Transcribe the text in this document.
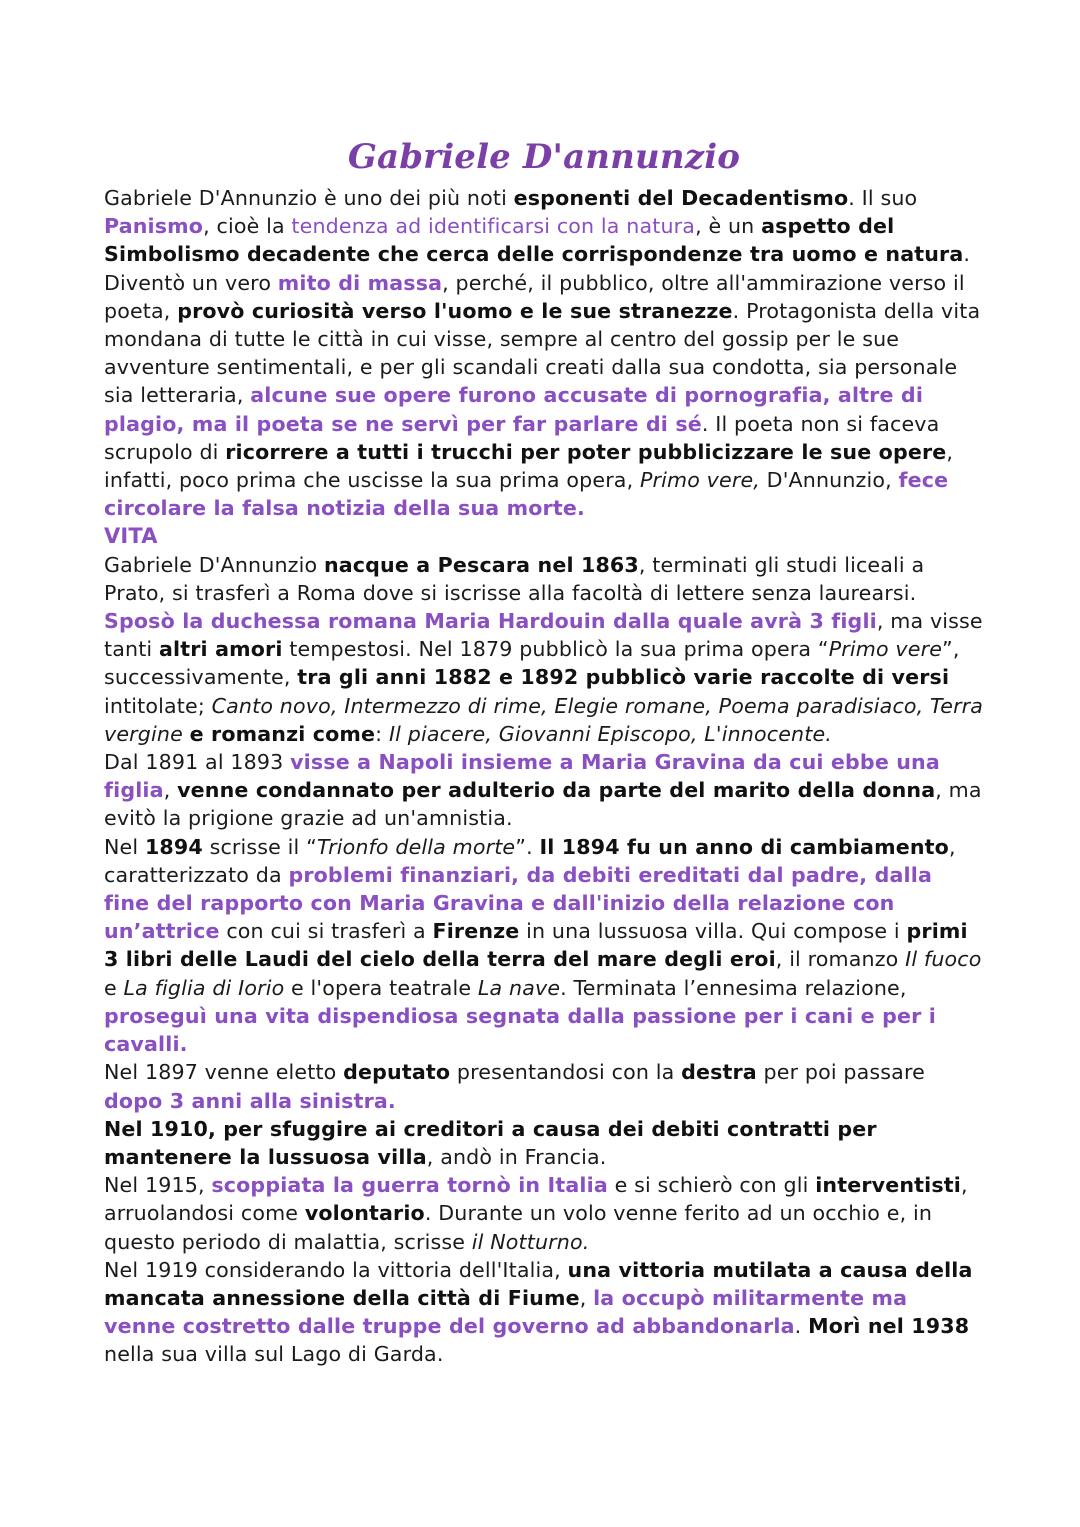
Gabriele D'annunzio

Gabriele D'Annunzio è uno dei più noti esponenti del Decadentismo. Il suo Panismo, cioè la tendenza ad identificarsi con la natura, è un aspetto del Simbolismo decadente che cerca delle corrispondenze tra uomo e natura. Diventò un vero mito di massa, perché, il pubblico, oltre all'ammirazione verso il poeta, provò curiosità verso l'uomo e le sue stranezze. Protagonista della vita mondana di tutte le città in cui visse, sempre al centro del gossip per le sue avventure sentimentali, e per gli scandali creati dalla sua condotta, sia personale sia letteraria, alcune sue opere furono accusate di pornografia, altre di plagio, ma il poeta se ne servì per far parlare di sé. Il poeta non si faceva scrupolo di ricorrere a tutti i trucchi per poter pubblicizzare le sue opere, infatti, poco prima che uscisse la sua prima opera, Primo vere, D'Annunzio, fece circolare la falsa notizia della sua morte.

VITA

Gabriele D'Annunzio nacque a Pescara nel 1863, terminati gli studi liceali a Prato, si trasferì a Roma dove si iscrisse alla facoltà di lettere senza laurearsi. Sposò la duchessa romana Maria Hardouin dalla quale avrà 3 figli, ma visse tanti altri amori tempestosi. Nel 1879 pubblicò la sua prima opera “Primo vere”, successivamente, tra gli anni 1882 e 1892 pubblicò varie raccolte di versi intitolate; Canto novo, Intermezzo di rime, Elegie romane, Poema paradisiaco, Terra vergine e romanzi come: Il piacere, Giovanni Episcopo, L'innocente.

Dal 1891 al 1893 visse a Napoli insieme a Maria Gravina da cui ebbe una figlia, venne condannato per adulterio da parte del marito della donna, ma evitò la prigione grazie ad un'amnistia.

Nel 1894 scrisse il “Trionfo della morte”. Il 1894 fu un anno di cambiamento, caratterizzato da problemi finanziari, da debiti ereditati dal padre, dalla fine del rapporto con Maria Gravina e dall'inizio della relazione con un’attrice con cui si trasferì a Firenze in una lussuosa villa. Qui compose i primi 3 libri delle Laudi del cielo della terra del mare degli eroi, il romanzo Il fuoco e La figlia di Iorio e l'opera teatrale La nave. Terminata l’ennesima relazione, proseguì una vita dispendiosa segnata dalla passione per i cani e per i cavalli.

Nel 1897 venne eletto deputato presentandosi con la destra per poi passare dopo 3 anni alla sinistra.

Nel 1910, per sfuggire ai creditori a causa dei debiti contratti per mantenere la lussuosa villa, andò in Francia.

Nel 1915, scoppiata la guerra tornò in Italia e si schierò con gli interventisti, arruolandosi come volontario. Durante un volo venne ferito ad un occhio e, in questo periodo di malattia, scrisse il Notturno.

Nel 1919 considerando la vittoria dell'Italia, una vittoria mutilata a causa della mancata annessione della città di Fiume, la occupò militarmente ma venne costretto dalle truppe del governo ad abbandonarla. Morì nel 1938 nella sua villa sul Lago di Garda.
